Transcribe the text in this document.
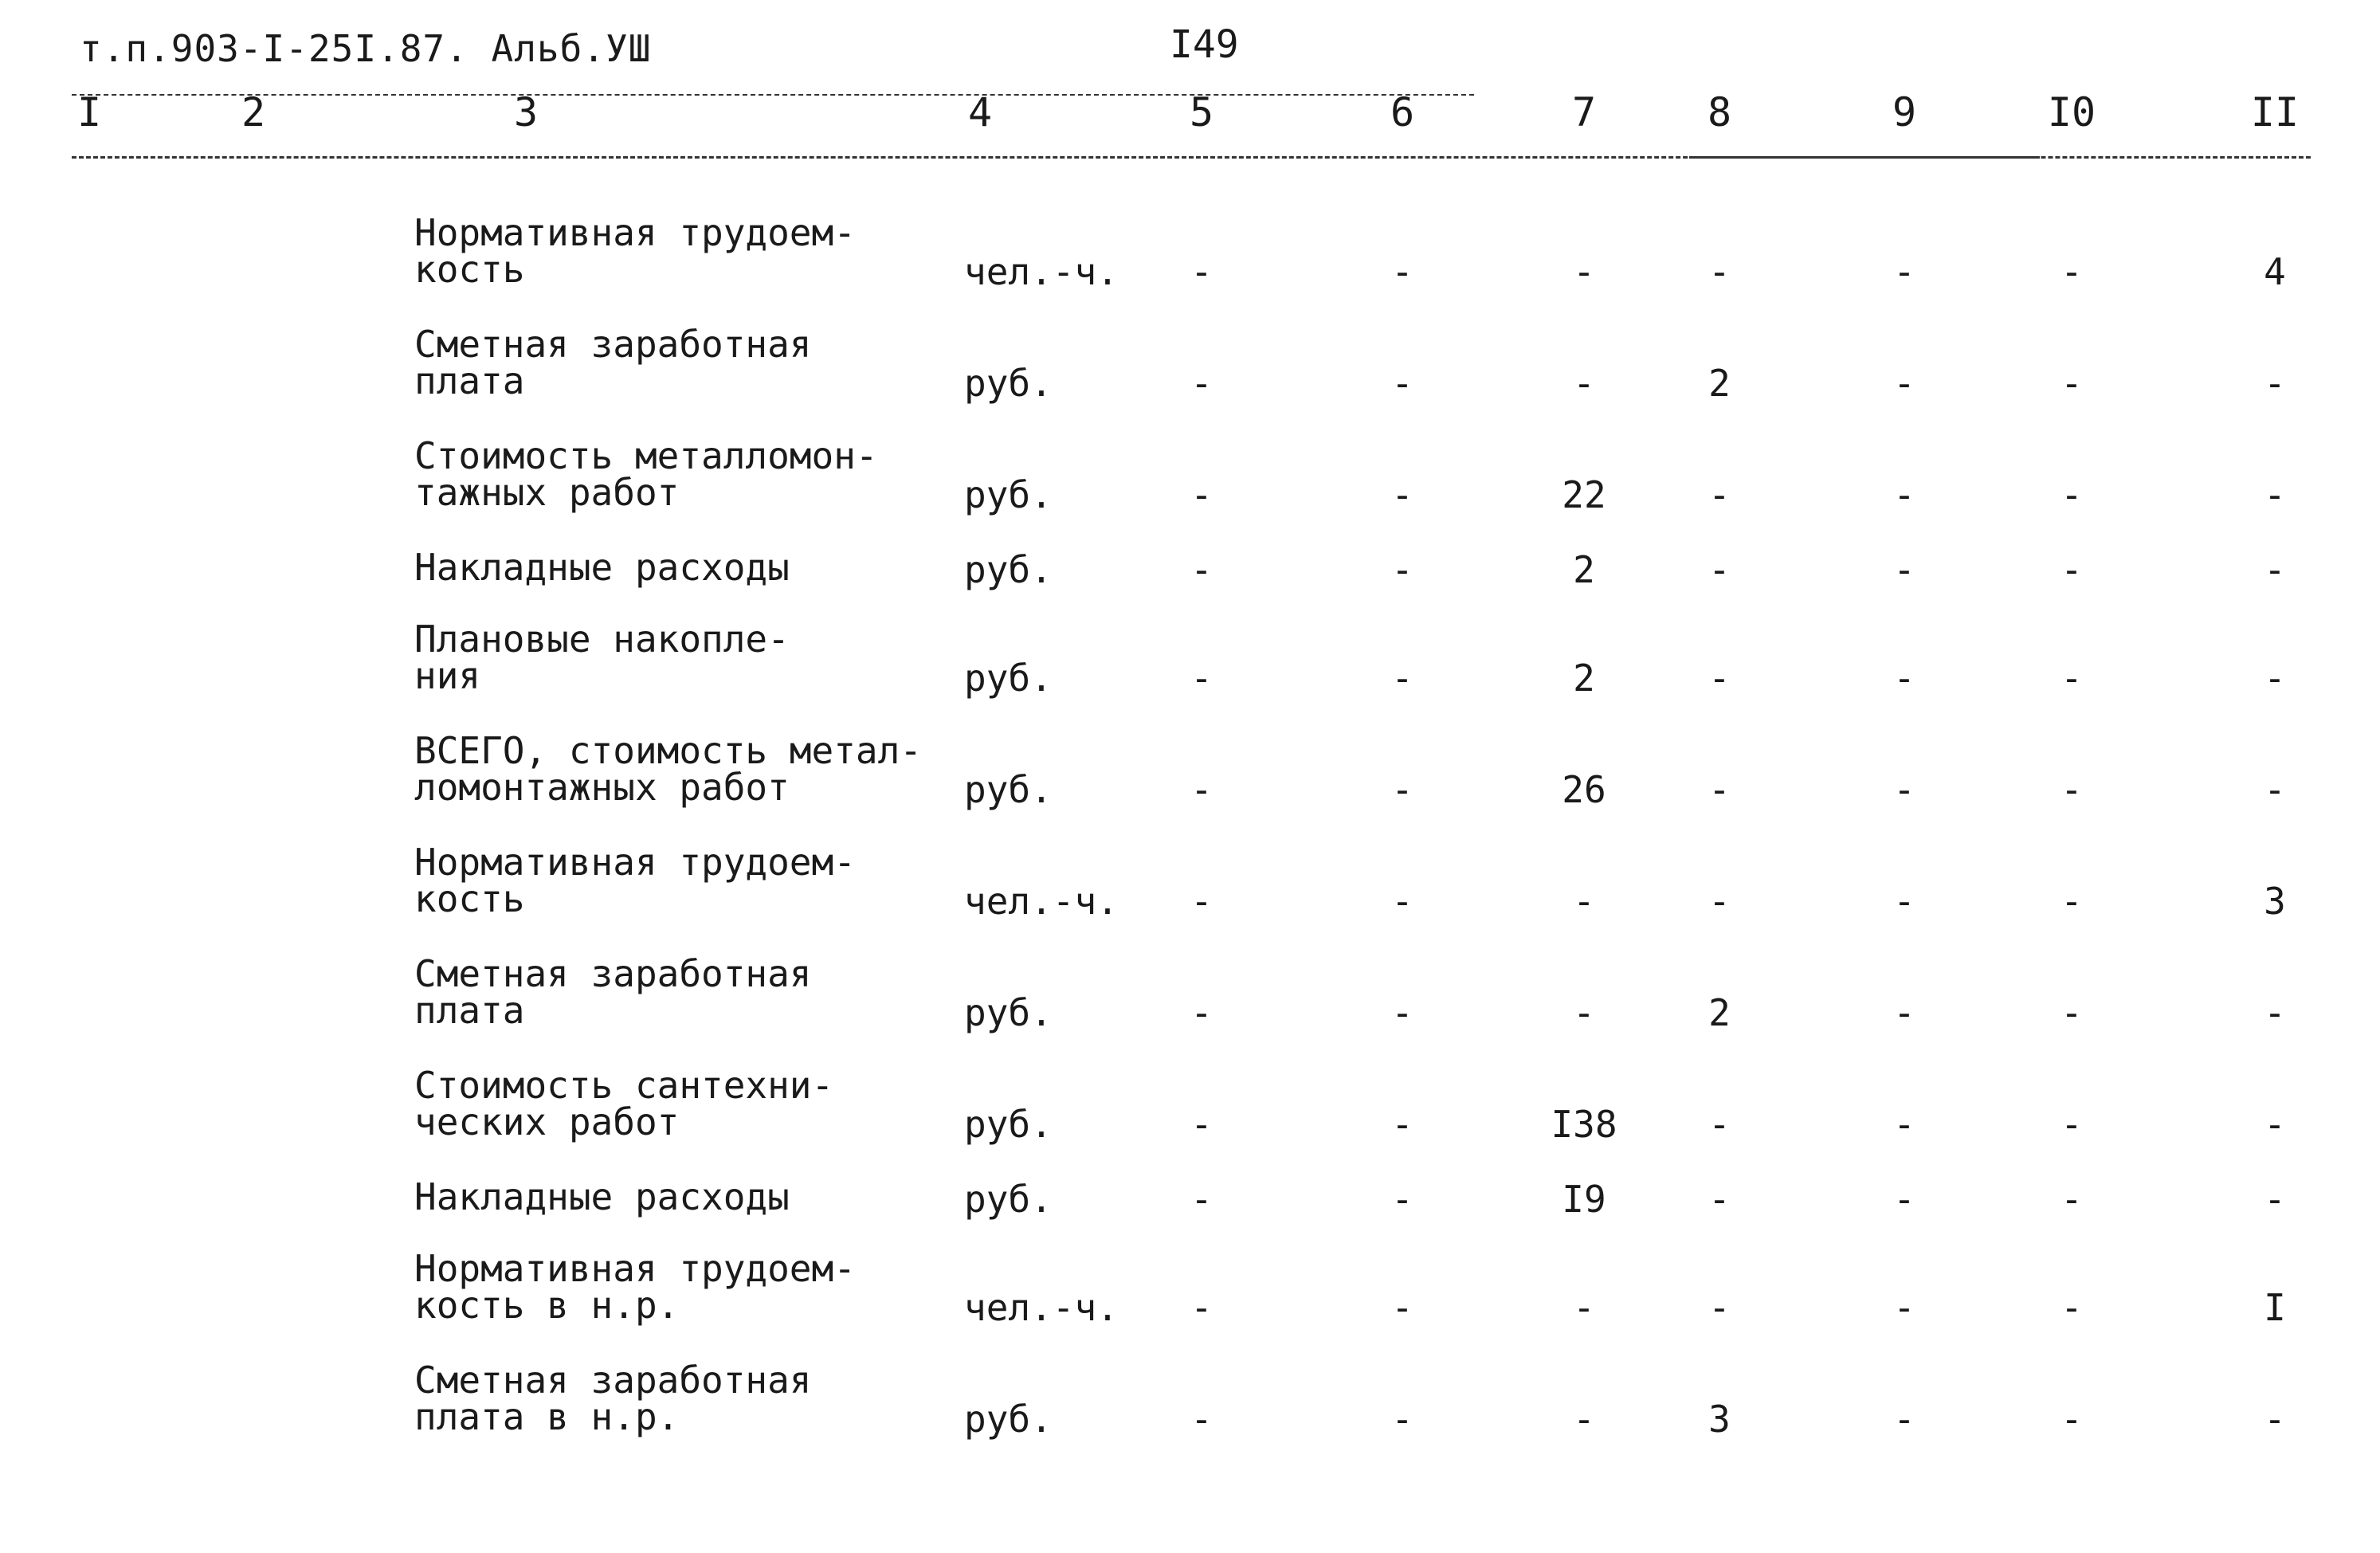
т.п.903-I-25I.87. Альб.УШ	I49
I	2	3	4	5	6	7	8	9	I0	II
Нормативная трудоем-
кость	чел.-ч. -	-	-	-	-	-	4
Сметная заработная
плата	руб.	-	-	-	2	-	-	-
Стоимость металломон-
тажных работ	руб.	-	-	22	-	-	-	-
Накладные расходы	руб.	-	-	2	-	-	-	-
Плановые накопле-
ния	руб.	-	-	2	-	-	-	-
ВСЕГО, стоимость метал-
ломонтажных работ	руб.	-	-	26	-	-	-	-
Нормативная трудоем-
кость	чел.-ч. -	-	-	-	-	-	3
Сметная заработная
плата	руб.	-	-	-	2	-	-	-
Стоимость сантехни-
ческих работ	руб.	-	-	I38 -	-	-	-
Накладные расходы	руб.	-	-	I9	-	-	-	-
Нормативная трудоем-
кость в н.р.	чел.-ч. -	-	-	-	-	-	I
Сметная заработная
плата в н.р.	руб.	-	-	-	3	-	-	-
